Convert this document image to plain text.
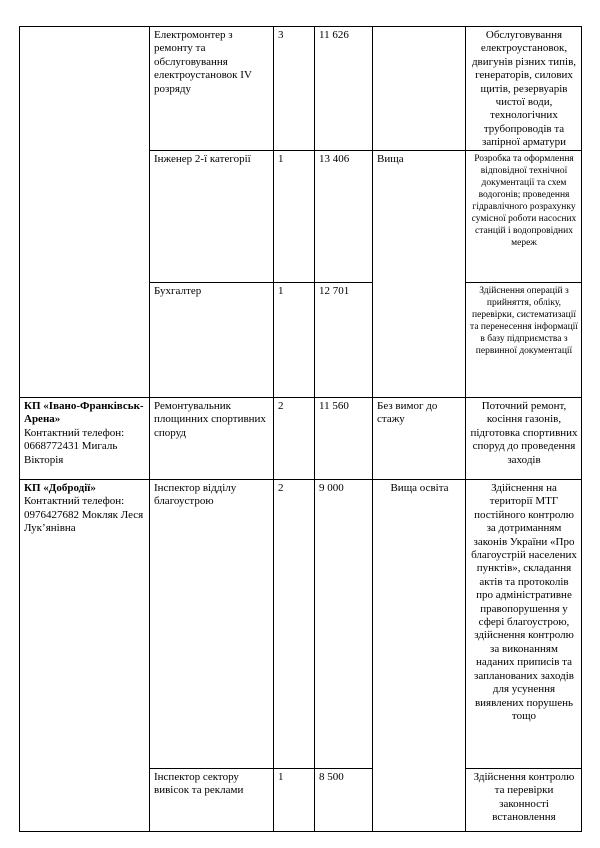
	Електромонтер з ремонту та обслуговування електроустановок IV розряду	3	11 626		Обслуговування електроустановок, двигунів різних типів, генераторів, силових щитів, резервуарів чистої води, технологічних трубопроводів та запірної арматури
	Інженер 2-ї категорії	1	13 406	Вища	Розробка та оформлення відповідної технічної документації та схем водогонів; проведення гідравлічного розрахунку сумісної роботи насосних станцій і водопровідних мереж
	Бухгалтер	1	12 701		Здійснення операцій з прийняття, обліку, перевірки, систематизації та перенесення інформації в базу підприємства з первинної документації

КП «Івано-Франківськ-Арена»
Контактний телефон: 0668772431 Мигаль Вікторія	Ремонтувальник площинних спортивних споруд	2	11 560	Без вимог до стажу	Поточний ремонт, косіння газонів, підготовка спортивних споруд до проведення заходів

КП «Добродії»
Контактний телефон: 0976427682 Мокляк Леся Лук’янівна	Інспектор відділу благоустрою	2	9 000	Вища освіта	Здійснення на території МТГ постійного контролю за дотриманням законів України «Про благоустрій населених пунктів», складання актів та протоколів про адміністративне правопорушення у сфері благоустрою, здійснення контролю за виконанням наданих приписів та запланованих заходів для усунення виявлених порушень тощо
	Інспектор сектору вивісок та реклами	1	8 500		Здійснення контролю та перевірки законності встановлення
